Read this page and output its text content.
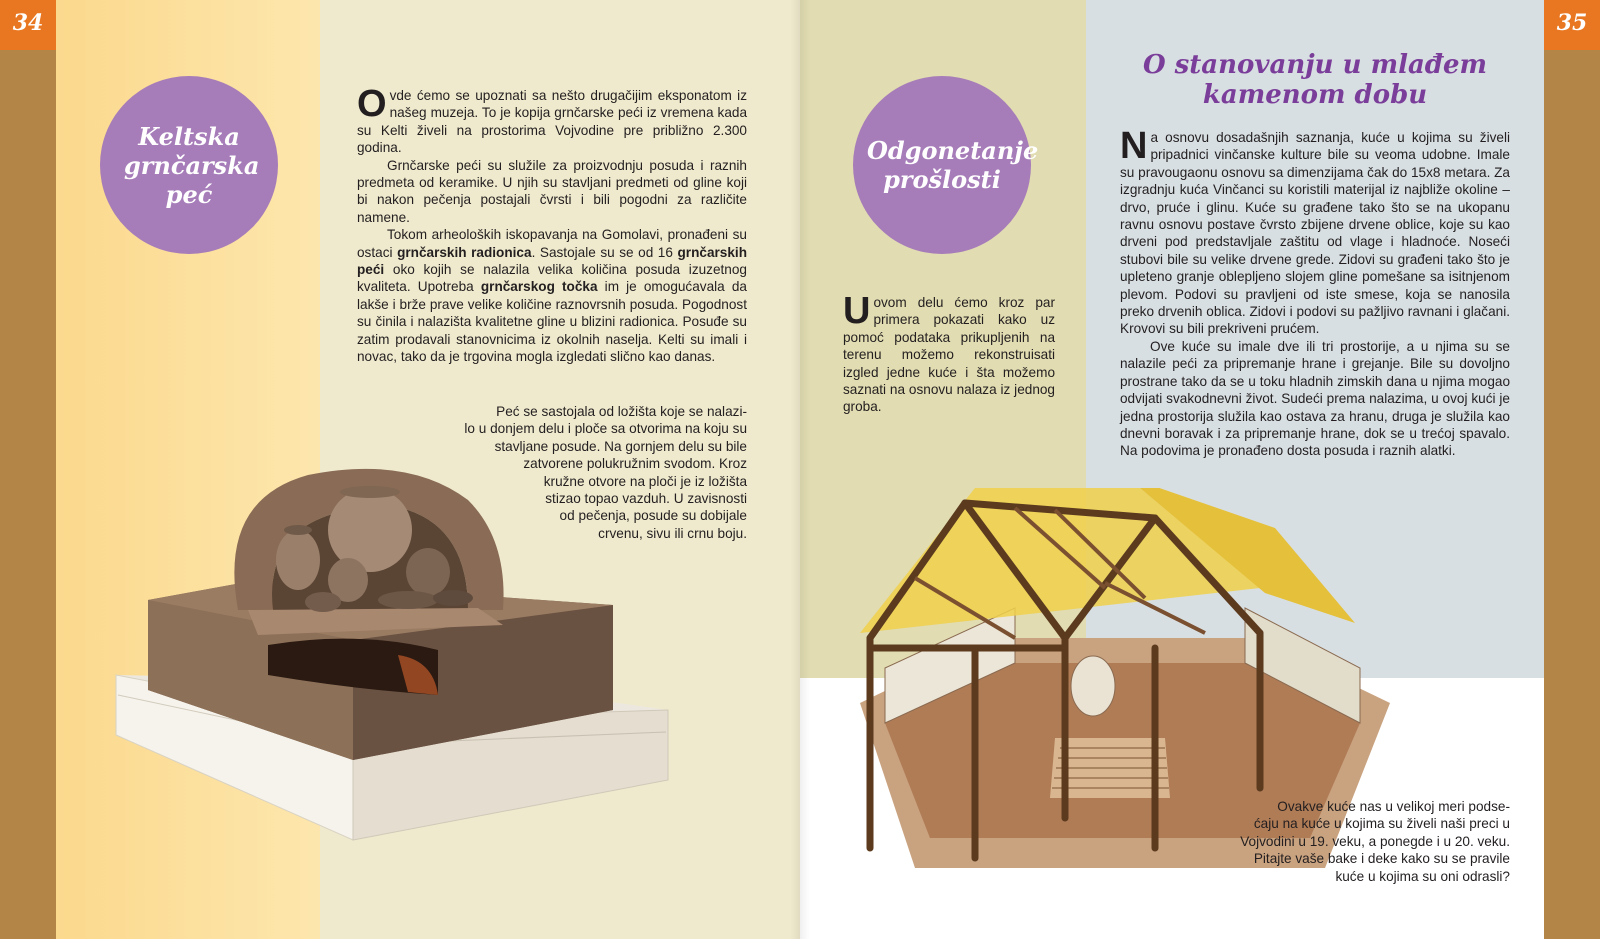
34	35
Keltska grnčarska peć

Ovde ćemo se upoznati sa nešto drugačijim eksponatom iz našeg muzeja. To je kopija grnčarske peći iz vremena kada su Kelti živeli na prostorima Vojvodine pre približno 2.300 godina.

Grnčarske peći su služile za proizvodnju posuda i raznih predmeta od keramike. U njih su stavljani predmeti od gline koji bi nakon pečenja postajali čvrsti i bili pogodni za različite namene.

Tokom arheoloških iskopavanja na Gomolavi, pronađeni su ostaci grnčarskih radionica. Sastojale su se od 16 grnčarskih peći oko kojih se nalazila velika količina posuda izuzetnog kvaliteta. Upotreba grnčarskog točka im je omogućavala da lakše i brže prave velike količine raznovrsnih posuda. Pogodnost su činila i nalazišta kvalitetne gline u blizini radionica. Posuđe su zatim prodavali stanovnicima iz okolnih naselja. Kelti su imali i novac, tako da je trgovina mogla izgledati slično kao danas.

Peć se sastojala od ložišta koje se nalazi-
lo u donjem delu i ploče sa otvorima na koju su
stavljane posude. Na gornjem delu su bile
zatvorene polukružnim svodom. Kroz
kružne otvore na ploči je iz ložišta
stizao topao vazduh. U zavisnosti
od pečenja, posude su dobijale
crvenu, sivu ili crnu boju.
Odgonetanje prošlosti

Uovom delu ćemo kroz par primera pokazati kako uz pomoć podataka prikupljenih na terenu možemo rekonstruisati izgled jedne kuće i šta možemo saznati na osnovu nalaza iz jednog groba.

O stanovanju u mlađem kamenom dobu

Na osnovu dosadašnjih saznanja, kuće u kojima su živeli pripadnici vinčanske kulture bile su veoma udobne. Imale su pravougaonu osnovu sa dimenzijama čak do 15x8 metara. Za izgradnju kuća Vinčanci su koristili materijal iz najbliže okoline – drvo, pruće i glinu. Kuće su građene tako što se na ukopanu ravnu osnovu postave čvrsto zbijene drvene oblice, koje su kao drveni pod predstavljale zaštitu od vlage i hladnoće. Noseći stubovi bile su velike drvene grede. Zidovi su građeni tako što je upleteno granje oblepljeno slojem gline pomešane sa isitnjenom plevom. Podovi su pravljeni od iste smese, koja se nanosila preko drvenih oblica. Zidovi i podovi su pažljivo ravnani i glačani. Krovovi su bili prekriveni prućem.

Ove kuće su imale dve ili tri prostorije, a u njima su se nalazile peći za pripremanje hrane i grejanje. Bile su dovoljno prostrane tako da se u toku hladnih zimskih dana u njima mogao odvijati svakodnevni život. Sudeći prema nalazima, u ovoj kući je jedna prostorija služila kao ostava za hranu, druga je služila kao dnevni boravak i za pripremanje hrane, dok se u trećoj spavalo. Na podovima je pronađeno dosta posuda i raznih alatki.

Ovakve kuće nas u velikoj meri podse-
ćaju na kuće u kojima su živeli naši preci u
Vojvodini u 19. veku, a ponegde i u 20. veku.
Pitajte vaše bake i deke kako su se pravile
kuće u kojima su oni odrasli?
